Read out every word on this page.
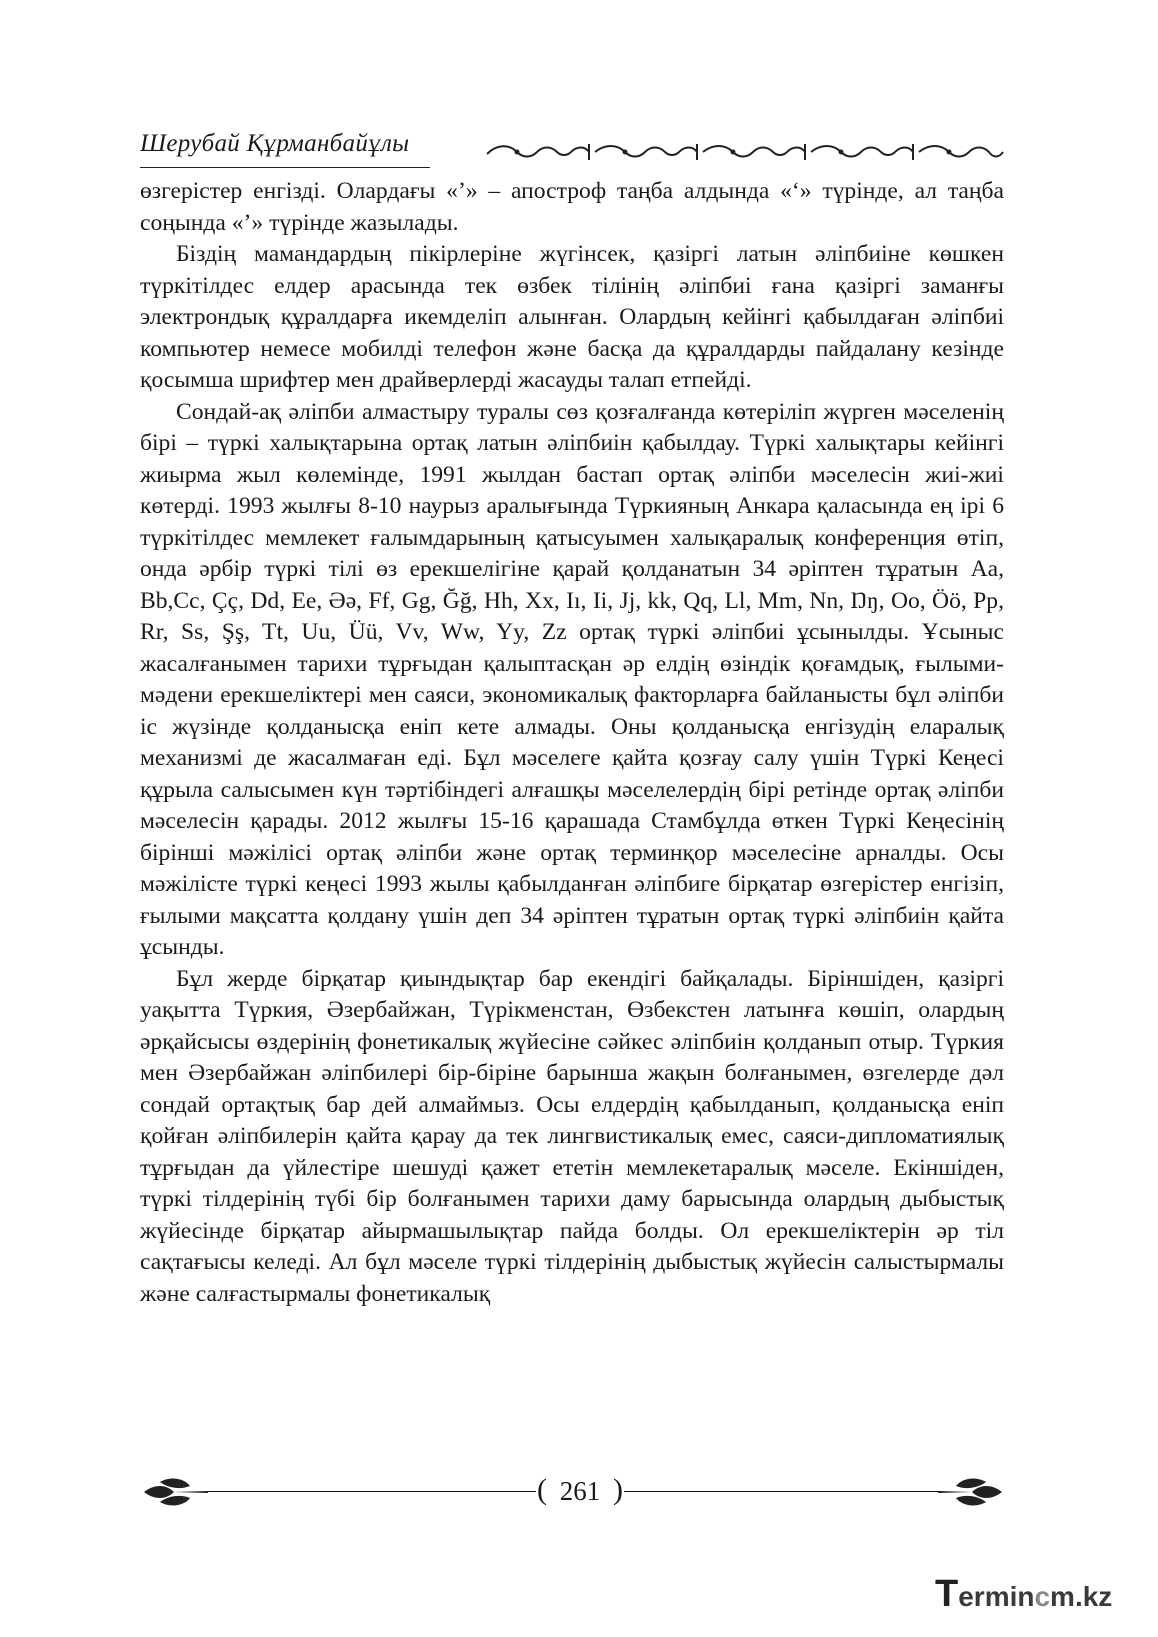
Шерубай Құрманбайұлы

өзгерістер енгізді. Олардағы «’» – апостроф таңба алдында «‘» түрінде, ал таңба соңында «’» түрінде жазылады.

Біздің мамандардың пікірлеріне жүгінсек, қазіргі латын әліпбиіне көшкен түркітілдес елдер арасында тек өзбек тілінің әліпбиі ғана қазіргі заманғы электрондық құралдарға икемделіп алынған. Олардың кейінгі қабылдаған әліпбиі компьютер немесе мобилді телефон және басқа да құралдарды пайдалану кезінде қосымша шрифтер мен драйверлерді жасауды талап етпейді.

Сондай-ақ әліпби алмастыру туралы сөз қозғалғанда көтеріліп жүрген мәселенің бірі – түркі халықтарына ортақ латын әліпбиін қабылдау. Түркі халықтары кейінгі жиырма жыл көлемінде, 1991 жылдан бастап ортақ әліпби мәселесін жиі-жиі көтерді. 1993 жылғы 8-10 наурыз аралығында Түркияның Анкара қаласында ең ірі 6 түркітілдес мемлекет ғалымдарының қатысуымен халықаралық конференция өтіп, онда әрбір түркі тілі өз ерекшелігіне қарай қолданатын 34 әріптен тұратын Aa, Bb,Cc, Çç, Dd, Ee, Əə, Ff, Gg, Ğğ, Hh, Xx, Iı, Ii, Jj, kk, Qq, Ll, Mm, Nn, Ŋŋ, Oo, Öö, Pp, Rr, Ss, Şş, Tt, Uu, Üü, Vv, Ww, Yy, Zz ортақ түркі әліпбиі ұсынылды. Ұсыныс жасалғанымен тарихи тұрғыдан қалыптасқан әр елдің өзіндік қоғамдық, ғылыми-мәдени ерекшеліктері мен саяси, экономикалық факторларға байланысты бұл әліпби іс жүзінде қолданысқа еніп кете алмады. Оны қолданысқа енгізудің еларалық механизмі де жасалмаған еді. Бұл мәселеге қайта қозғау салу үшін Түркі Кеңесі құрыла салысымен күн тәртібіндегі алғашқы мәселелердің бірі ретінде ортақ әліпби мәселесін қарады. 2012 жылғы 15-16 қарашада Стамбұлда өткен Түркі Кеңесінің бірінші мәжілісі ортақ әліпби және ортақ терминқор мәселесіне арналды. Осы мәжілісте түркі кеңесі 1993 жылы қабылданған әліпбиге бірқатар өзгерістер енгізіп, ғылыми мақсатта қолдану үшін деп 34 әріптен тұратын ортақ түркі әліпбиін қайта ұсынды.

Бұл жерде бірқатар қиындықтар бар екендігі байқалады. Біріншіден, қазіргі уақытта Түркия, Әзербайжан, Түрікменстан, Өзбекстен латынға көшіп, олардың әрқайсысы өздерінің фонетикалық жүйесіне сәйкес әліпбиін қолданып отыр. Түркия мен Әзербайжан әліпбилері бір-біріне барынша жақын болғанымен, өзгелерде дәл сондай ортақтық бар дей алмаймыз. Осы елдердің қабылданып, қолданысқа еніп қойған әліпбилерін қайта қарау да тек лингвистикалық емес, саяси-дипломатиялық тұрғыдан да үйлестіре шешуді қажет ететін мемлекетаралық мәселе. Екіншіден, түркі тілдерінің түбі бір болғанымен тарихи даму барысында олардың дыбыстық жүйесінде бірқатар айырмашылықтар пайда болды. Ол ерекшеліктерін әр тіл сақтағысы келеді. Ал бұл мәселе түркі тілдерінің дыбыстық жүйесін салыстырмалы және салғастырмалы фонетикалық

( 261 )
Termincm.kz
